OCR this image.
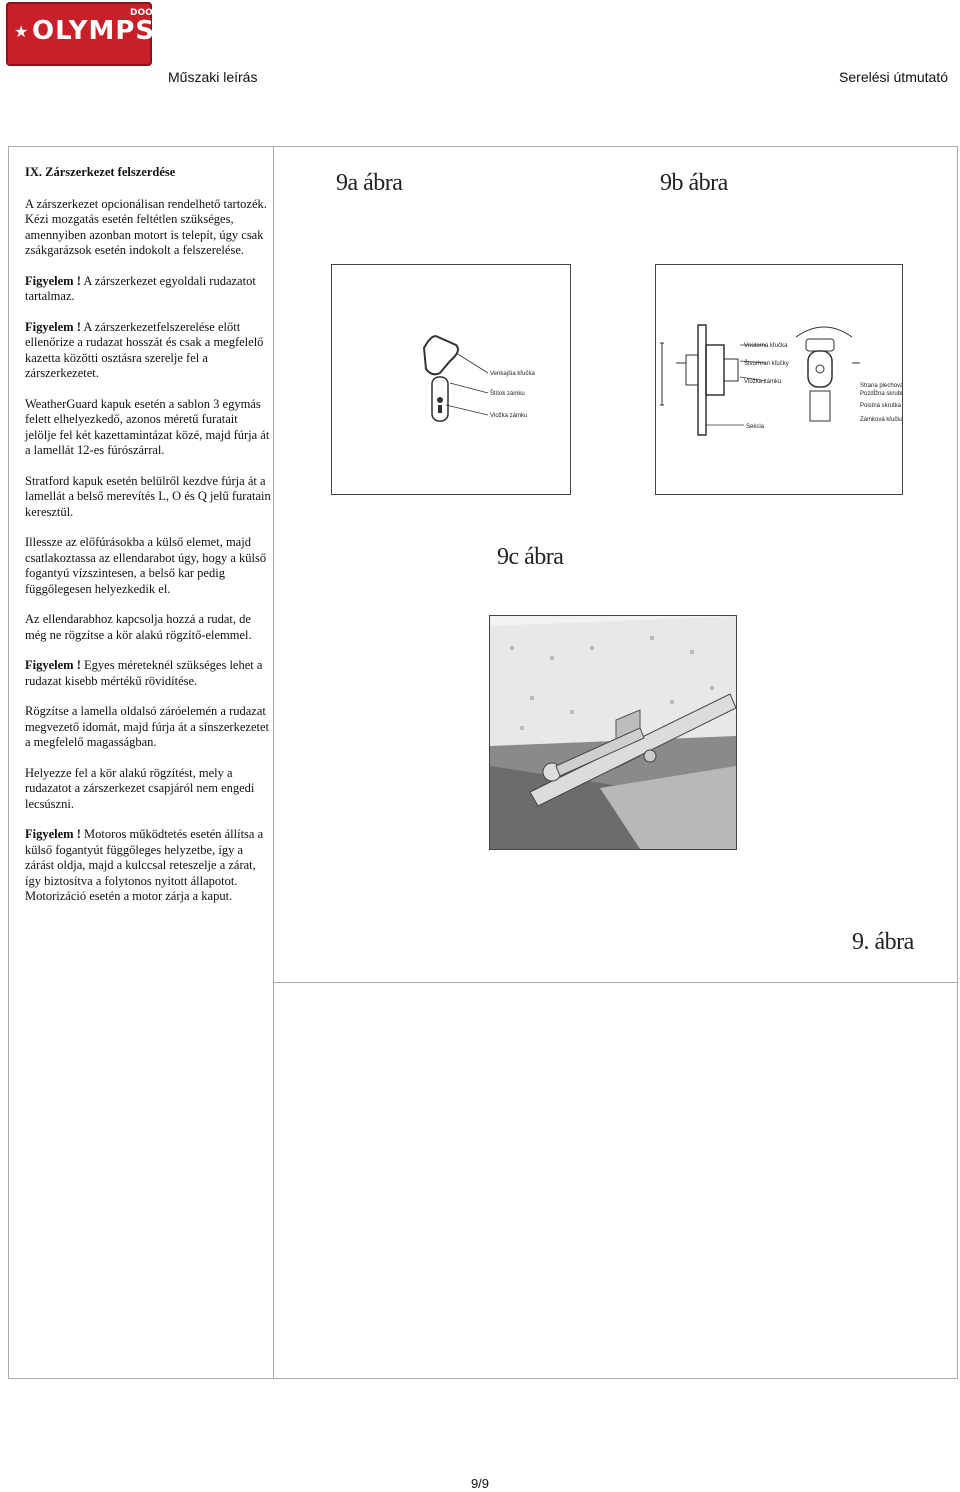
★ OLYMPS
DOOR
Műszaki leírás	Serelési útmutató
IX. Zárszerkezet felszerdése

A zárszerkezet opcionálisan rendelhető tartozék. Kézi mozgatás esetén feltétlen szükséges, amennyiben azonban motort is telepít, úgy csak zsákgarázsok esetén indokolt a felszerelése.

Figyelem ! A zárszerkezet egyoldali rudazatot tartalmaz.

Figyelem ! A zárszerkezetfelszerelése előtt ellenőrize a rudazat hosszát és csak a megfelelő kazetta közötti osztásra szerelje fel a zárszerkezetet.

WeatherGuard kapuk esetén a sablon 3 egymás felett elhelyezkedő, azonos méretű furatait jelölje fel két kazettamintázat közé, majd fúrja át a lamellát 12-es fúrószárral.

Stratford kapuk esetén belülről kezdve fúrja át a lamellát a belső merevítés L, O és Q jelű furatain keresztül.

Illessze az előfúrásokba a külső elemet, majd csatlakoztassa az ellendarabot úgy, hogy a külső fogantyú vízszintesen, a belső kar pedig függőlegesen helyezkedik el.

Az ellendarabhoz kapcsolja hozzá a rudat, de még ne rögzítse a kör alakú rögzítő-elemmel.

Figyelem ! Egyes méreteknél szükséges lehet a rudazat kisebb mértékű rövidítése.

Rögzítse a lamella oldalsó záróelemén a rudazat megvezető idomát, majd fúrja át a sínszerkezetet a megfelelő magasságban.

Helyezze fel a kör alakú rögzítést, mely a rudazatot a zárszerkezet csapjáról nem engedi lecsúszni.

Figyelem ! Motoros működtetés esetén állítsa a külső fogantyút függőleges helyzetbe, így a zárást oldja, majd a kulccsal reteszelje a zárat, így biztosítva a folytonos nyitott állapotot. Motorizáció esetén a motor zárja a kaput.

9a ábra	9b ábra
9c ábra
9. ábra
Venkajšia kľučka
Štítok zámku
Vložka zámku
Vnútorná kľučka
Štvorhran kľučky
Vložka zámku
Sekcia
Strana plechová
Pozdĺžna skrutka
Poistná skrutka
Zámková kľučka
9/9
